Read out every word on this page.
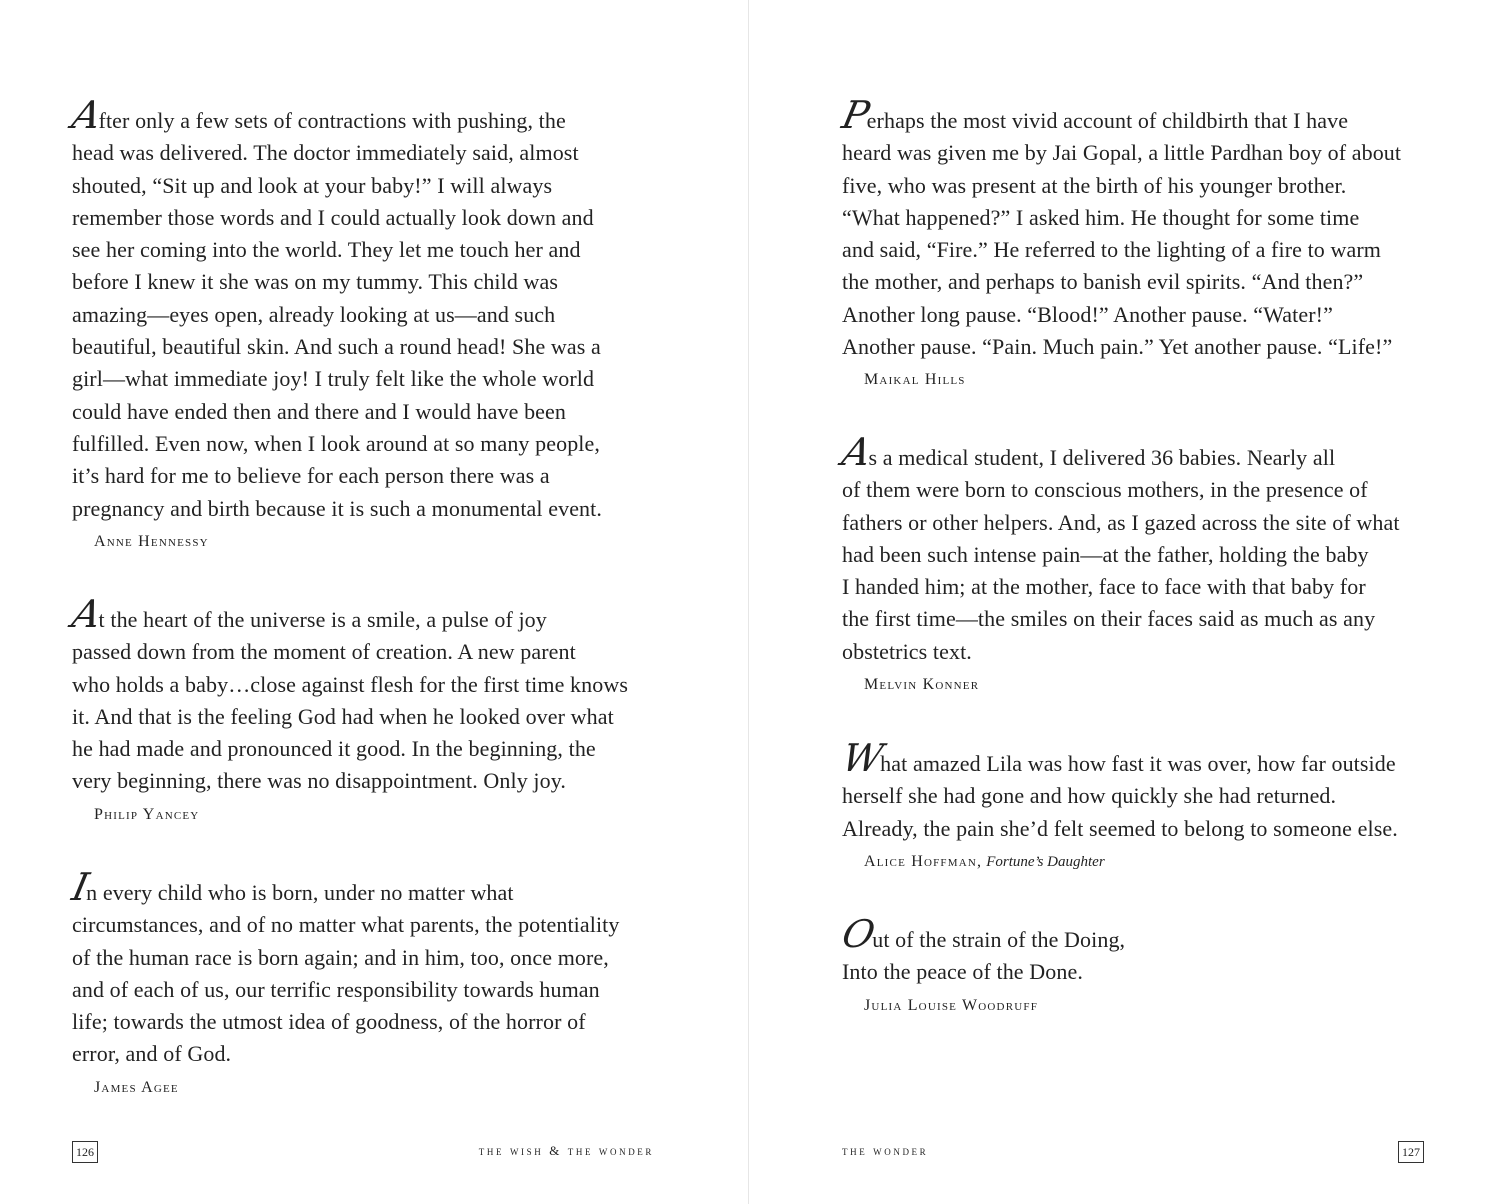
After only a few sets of contractions with pushing, the
head was delivered. The doctor immediately said, almost
shouted, “Sit up and look at your baby!” I will always
remember those words and I could actually look down and
see her coming into the world. They let me touch her and
before I knew it she was on my tummy. This child was
amazing—eyes open, already looking at us—and such
beautiful, beautiful skin. And such a round head! She was a
girl—what immediate joy! I truly felt like the whole world
could have ended then and there and I would have been
fulfilled. Even now, when I look around at so many people,
it’s hard for me to believe for each person there was a
pregnancy and birth because it is such a monumental event.
Anne Hennessy
At the heart of the universe is a smile, a pulse of joy
passed down from the moment of creation. A new parent
who holds a baby…close against flesh for the first time knows
it. And that is the feeling God had when he looked over what
he had made and pronounced it good. In the beginning, the
very beginning, there was no disappointment. Only joy.
Philip Yancey
In every child who is born, under no matter what
circumstances, and of no matter what parents, the potentiality
of the human race is born again; and in him, too, once more,
and of each of us, our terrific responsibility towards human
life; towards the utmost idea of goodness, of the horror of
error, and of God.
James Agee
126	the wish & the wonder
Perhaps the most vivid account of childbirth that I have
heard was given me by Jai Gopal, a little Pardhan boy of about
five, who was present at the birth of his younger brother.
“What happened?” I asked him. He thought for some time
and said, “Fire.” He referred to the lighting of a fire to warm
the mother, and perhaps to banish evil spirits. “And then?”
Another long pause. “Blood!” Another pause. “Water!”
Another pause. “Pain. Much pain.” Yet another pause. “Life!”
Maikal Hills
As a medical student, I delivered 36 babies. Nearly all
of them were born to conscious mothers, in the presence of
fathers or other helpers. And, as I gazed across the site of what
had been such intense pain—at the father, holding the baby
I handed him; at the mother, face to face with that baby for
the first time—the smiles on their faces said as much as any
obstetrics text.
Melvin Konner
What amazed Lila was how fast it was over, how far outside
herself she had gone and how quickly she had returned.
Already, the pain she’d felt seemed to belong to someone else.
Alice Hoffman, Fortune’s Daughter
Out of the strain of the Doing,
Into the peace of the Done.
Julia Louise Woodruff
the wonder	127
